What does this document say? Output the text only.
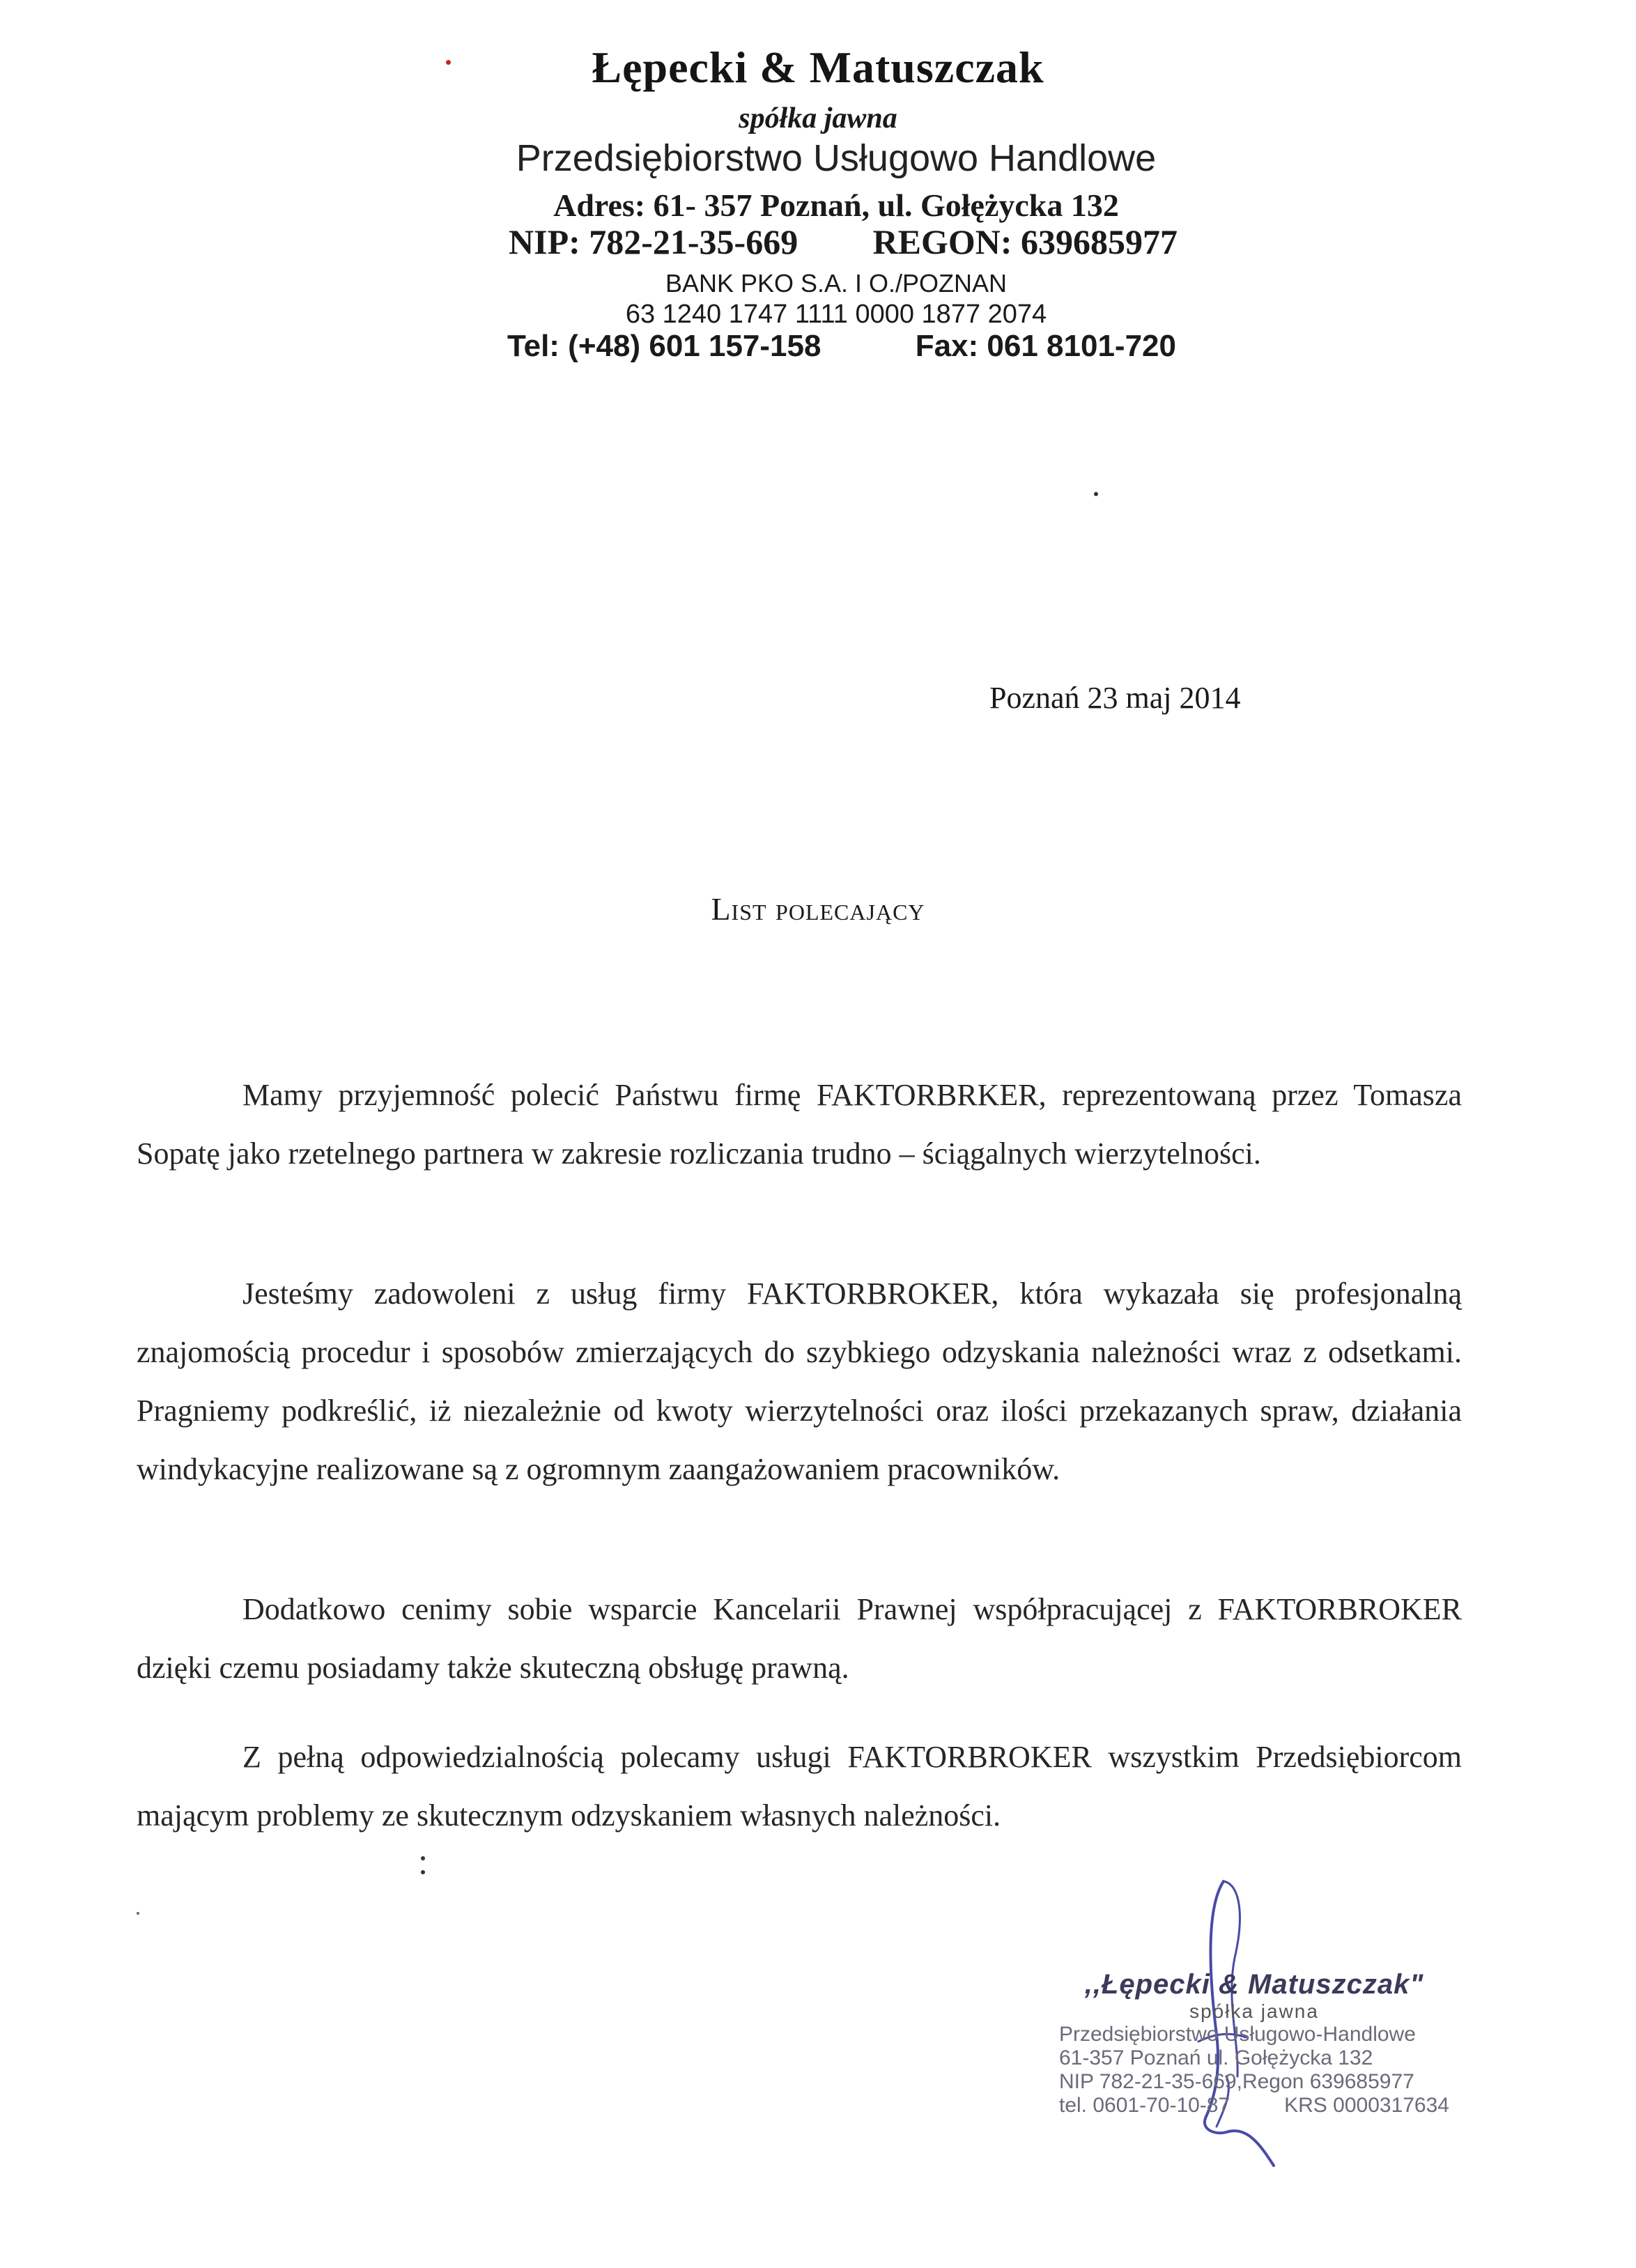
Łępecki & Matuszczak
spółka jawna
Przedsiębiorstwo Usługowo Handlowe
Adres: 61- 357 Poznań, ul. Gołężycka 132
NIP: 782-21-35-669 REGON: 639685977
BANK PKO S.A. I O./POZNAN
63 1240 1747 1111 0000 1877 2074
Tel: (+48) 601 157-158	Fax: 061 8101-720
Poznań 23 maj 2014
List polecający
Mamy przyjemność polecić Państwu firmę FAKTORBRKER, reprezentowaną przez Tomasza Sopatę jako rzetelnego partnera w zakresie rozliczania trudno – ściągalnych wierzytelności.
Jesteśmy zadowoleni z usług firmy FAKTORBROKER, która wykazała się profesjonalną znajomością procedur i sposobów zmierzających do szybkiego odzyskania należności wraz z odsetkami. Pragniemy podkreślić, iż niezależnie od kwoty wierzytelności oraz ilości przekazanych spraw, działania windykacyjne realizowane są z ogromnym zaangażowaniem pracowników.
Dodatkowo cenimy sobie wsparcie Kancelarii Prawnej współpracującej z FAKTORBROKER dzięki czemu posiadamy także skuteczną obsługę prawną.
Z pełną odpowiedzialnością polecamy usługi FAKTORBROKER wszystkim Przedsiębiorcom mającym problemy ze skutecznym odzyskaniem własnych należności.
,,Łępecki & Matuszczak"
spółka jawna
Przedsiębiorstwo Usługowo-Handlowe
61-357 Poznań ul. Gołężycka 132
NIP 782-21-35-669,Regon 639685977
tel. 0601-70-10-87	KRS 0000317634
